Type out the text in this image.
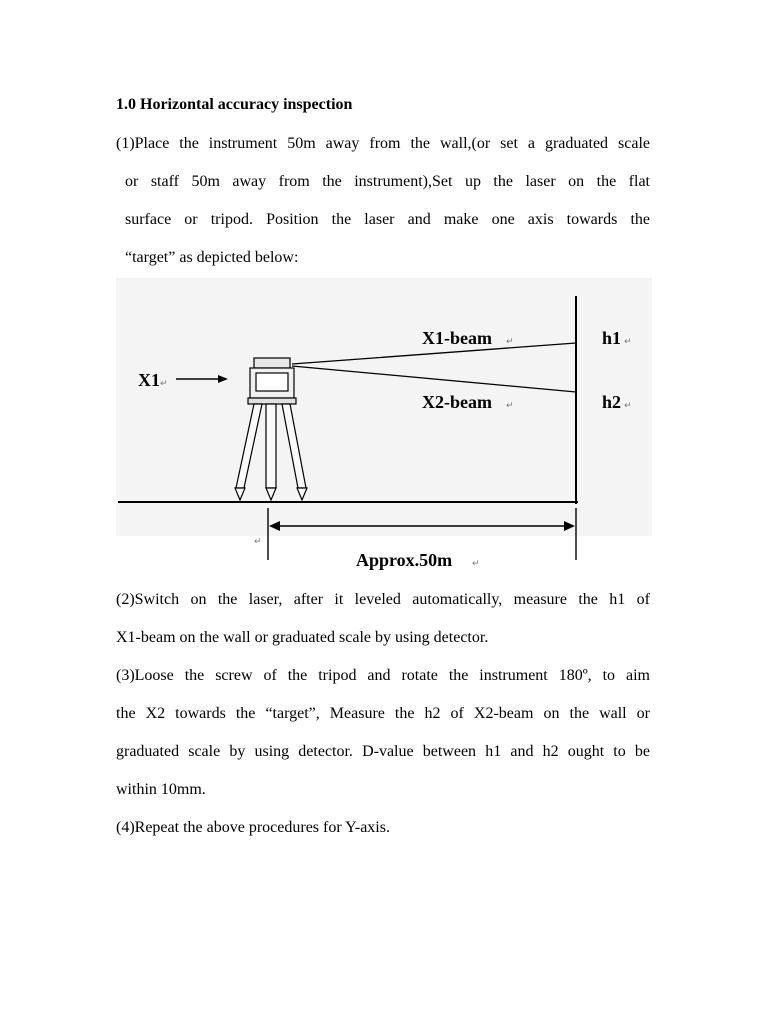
1.0 Horizontal accuracy inspection
(1)Place the instrument 50m away from the wall,(or set a graduated scale
or staff 50m away from the instrument),Set up the laser on the flat
surface or tripod. Position the laser and make one axis towards the
“target” as depicted below:
X1
X1-beam
X2-beam
h1
h2
Approx.50m
↵
↵
↵
↵
↵
↵
↵
(2)Switch on the laser, after it leveled automatically, measure the h1 of
X1-beam on the wall or graduated scale by using detector.
(3)Loose the screw of the tripod and rotate the instrument 180º, to aim
the X2 towards the “target”, Measure the h2 of X2-beam on the wall or
graduated scale by using detector. D-value between h1 and h2 ought to be
within 10mm.
(4)Repeat the above procedures for Y-axis.
